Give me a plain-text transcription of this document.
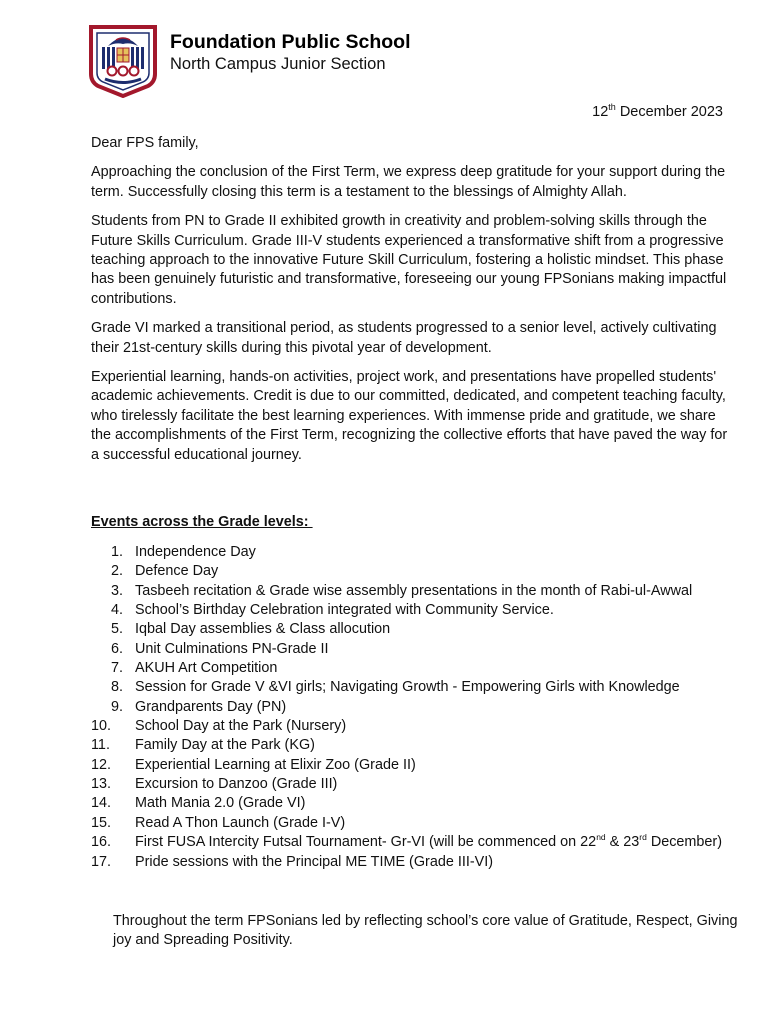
Foundation Public School
North Campus Junior Section
12th December 2023

Dear FPS family,

Approaching the conclusion of the First Term, we express deep gratitude for your support during the term. Successfully closing this term is a testament to the blessings of Almighty Allah.

Students from PN to Grade II exhibited growth in creativity and problem-solving skills through the Future Skills Curriculum. Grade III-V students experienced a transformative shift from a progressive teaching approach to the innovative Future Skill Curriculum, fostering a holistic mindset. This phase has been genuinely futuristic and transformative, foreseeing our young FPSonians making impactful contributions.

Grade VI marked a transitional period, as students progressed to a senior level, actively cultivating their 21st-century skills during this pivotal year of development.

Experiential learning, hands-on activities, project work, and presentations have propelled students' academic achievements. Credit is due to our committed, dedicated, and competent teaching faculty, who tirelessly facilitate the best learning experiences. With immense pride and gratitude, we share the accomplishments of the First Term, recognizing the collective efforts that have paved the way for a successful educational journey.

Events across the Grade levels:
1. Independence Day
2. Defence Day
3. Tasbeeh recitation & Grade wise assembly presentations in the month of Rabi-ul-Awwal
4. School’s Birthday Celebration integrated with Community Service.
5. Iqbal Day assemblies & Class allocution
6. Unit Culminations PN-Grade II
7. AKUH Art Competition
8. Session for Grade V &VI girls; Navigating Growth - Empowering Girls with Knowledge
9. Grandparents Day (PN)
10. School Day at the Park (Nursery)
11. Family Day at the Park (KG)
12. Experiential Learning at Elixir Zoo (Grade II)
13. Excursion to Danzoo (Grade III)
14. Math Mania 2.0 (Grade VI)
15. Read A Thon Launch (Grade I-V)
16. First FUSA Intercity Futsal Tournament- Gr-VI (will be commenced on 22nd & 23rd December)
17. Pride sessions with the Principal ME TIME (Grade III-VI)
Throughout the term FPSonians led by reflecting school’s core value of Gratitude, Respect, Giving joy and Spreading Positivity.
